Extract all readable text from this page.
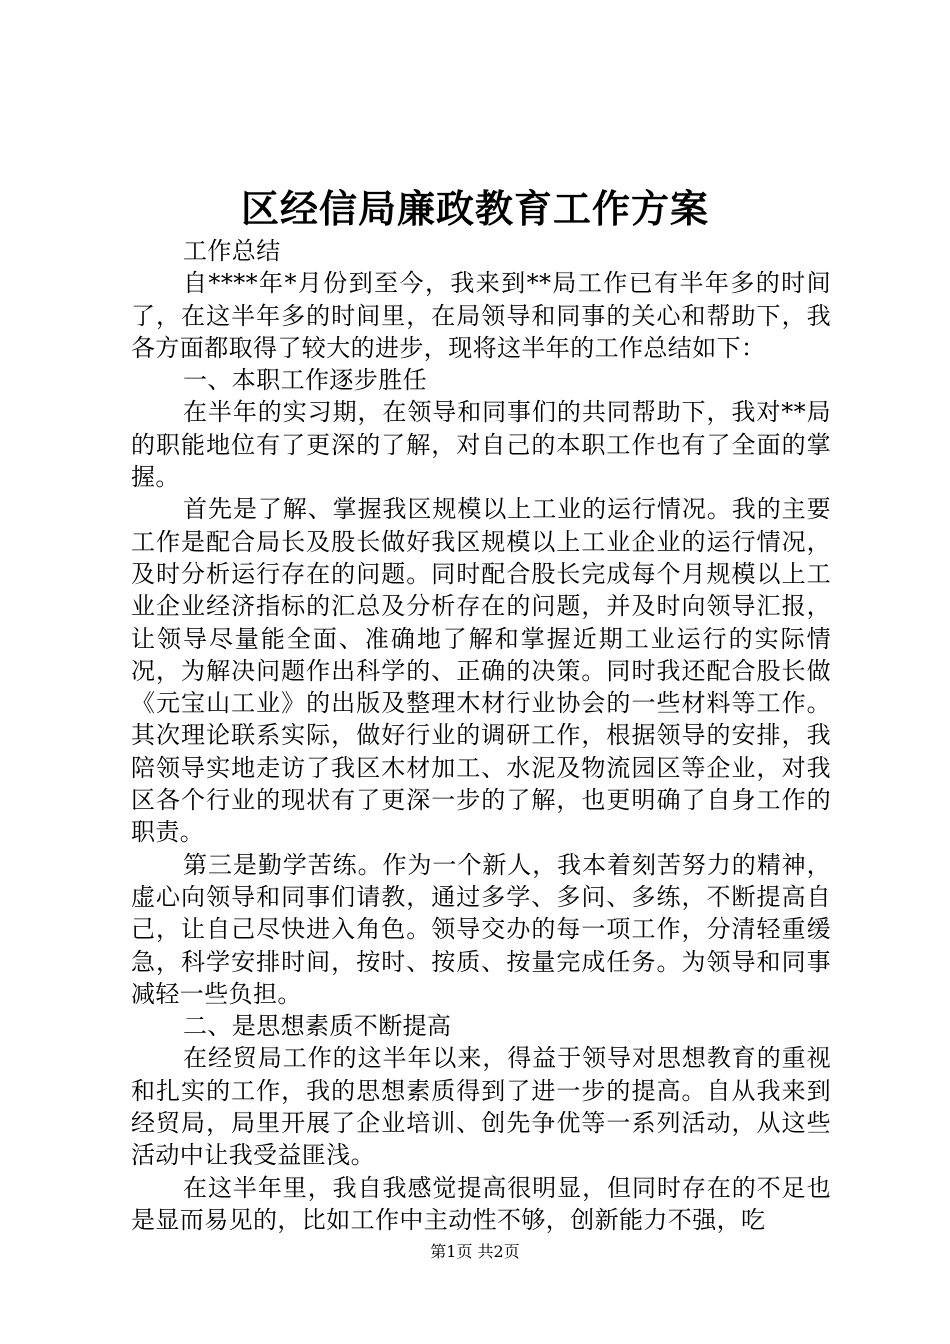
区经信局廉政教育工作方案

工作总结

自****年*月份到至今，我来到**局工作已有半年多的时间了，在这半年多的时间里，在局领导和同事的关心和帮助下，我各方面都取得了较大的进步，现将这半年的工作总结如下：

一、本职工作逐步胜任

在半年的实习期，在领导和同事们的共同帮助下，我对**局的职能地位有了更深的了解，对自己的本职工作也有了全面的掌握。

首先是了解、掌握我区规模以上工业的运行情况。我的主要工作是配合局长及股长做好我区规模以上工业企业的运行情况，及时分析运行存在的问题。同时配合股长完成每个月规模以上工业企业经济指标的汇总及分析存在的问题，并及时向领导汇报，让领导尽量能全面、准确地了解和掌握近期工业运行的实际情况，为解决问题作出科学的、正确的决策。同时我还配合股长做《元宝山工业》的出版及整理木材行业协会的一些材料等工作。其次理论联系实际，做好行业的调研工作，根据领导的安排，我陪领导实地走访了我区木材加工、水泥及物流园区等企业，对我区各个行业的现状有了更深一步的了解，也更明确了自身工作的职责。

第三是勤学苦练。作为一个新人，我本着刻苦努力的精神，虚心向领导和同事们请教，通过多学、多问、多练，不断提高自己，让自己尽快进入角色。领导交办的每一项工作，分清轻重缓急，科学安排时间，按时、按质、按量完成任务。为领导和同事减轻一些负担。

二、是思想素质不断提高

在经贸局工作的这半年以来，得益于领导对思想教育的重视和扎实的工作，我的思想素质得到了进一步的提高。自从我来到经贸局，局里开展了企业培训、创先争优等一系列活动，从这些活动中让我受益匪浅。

在这半年里，我自我感觉提高很明显，但同时存在的不足也是显而易见的，比如工作中主动性不够，创新能力不强，吃

第1页 共2页
